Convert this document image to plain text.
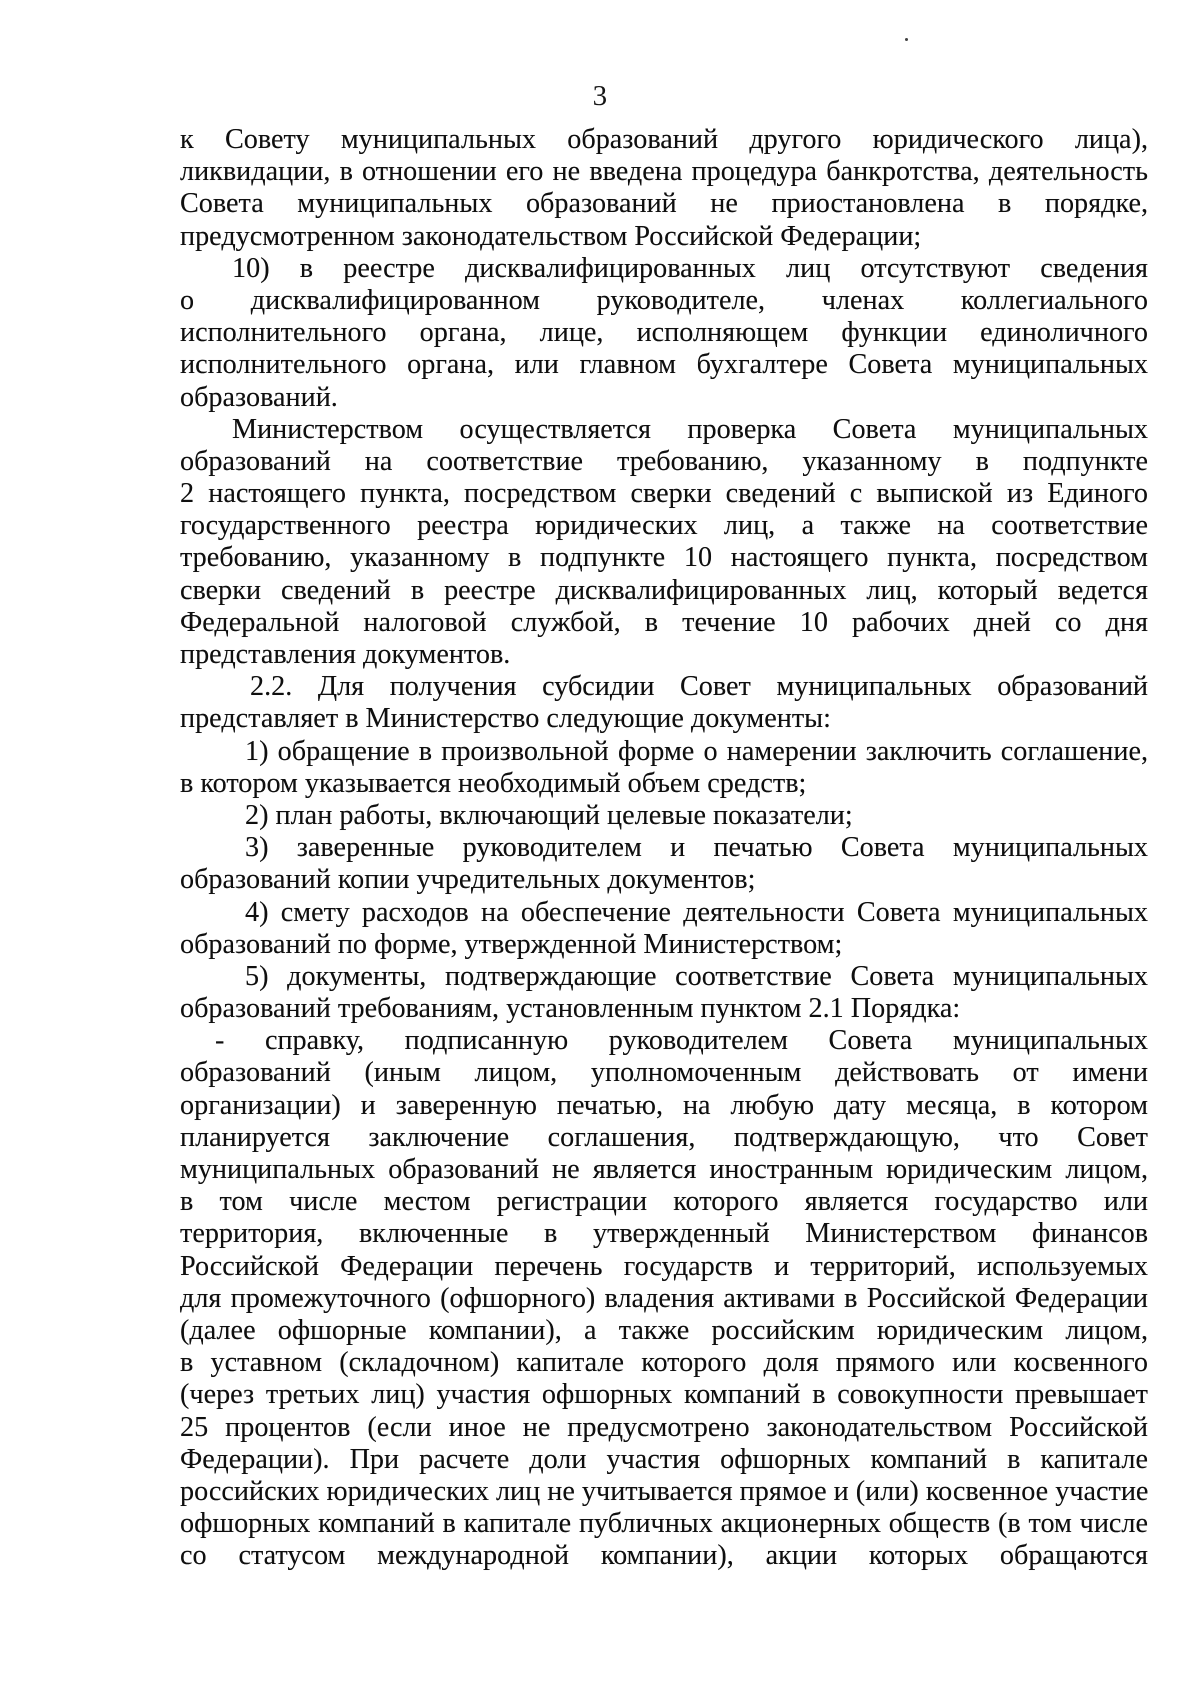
3
к Совету муниципальных образований другого юридического лица),
ликвидации, в отношении его не введена процедура банкротства, деятельность
Совета муниципальных образований не приостановлена в порядке,
предусмотренном законодательством Российской Федерации;
10) в реестре дисквалифицированных лиц отсутствуют сведения
о дисквалифицированном руководителе, членах коллегиального
исполнительного органа, лице, исполняющем функции единоличного
исполнительного органа, или главном бухгалтере Совета муниципальных
образований.
Министерством осуществляется проверка Совета муниципальных
образований на соответствие требованию, указанному в подпункте
2 настоящего пункта, посредством сверки сведений с выпиской из Единого
государственного реестра юридических лиц, а также на соответствие
требованию, указанному в подпункте 10 настоящего пункта, посредством
сверки сведений в реестре дисквалифицированных лиц, который ведется
Федеральной налоговой службой, в течение 10 рабочих дней со дня
представления документов.
2.2. Для получения субсидии Совет муниципальных образований
представляет в Министерство следующие документы:
1) обращение в произвольной форме о намерении заключить соглашение,
в котором указывается необходимый объем средств;
2) план работы, включающий целевые показатели;
3) заверенные руководителем и печатью Совета муниципальных
образований копии учредительных документов;
4) смету расходов на обеспечение деятельности Совета муниципальных
образований по форме, утвержденной Министерством;
5) документы, подтверждающие соответствие Совета муниципальных
образований требованиям, установленным пунктом 2.1 Порядка:
- справку, подписанную руководителем Совета муниципальных
образований (иным лицом, уполномоченным действовать от имени
организации) и заверенную печатью, на любую дату месяца, в котором
планируется заключение соглашения, подтверждающую, что Совет
муниципальных образований не является иностранным юридическим лицом,
в том числе местом регистрации которого является государство или
территория, включенные в утвержденный Министерством финансов
Российской Федерации перечень государств и территорий, используемых
для промежуточного (офшорного) владения активами в Российской Федерации
(далее офшорные компании), а также российским юридическим лицом,
в уставном (складочном) капитале которого доля прямого или косвенного
(через третьих лиц) участия офшорных компаний в совокупности превышает
25 процентов (если иное не предусмотрено законодательством Российской
Федерации). При расчете доли участия офшорных компаний в капитале
российских юридических лиц не учитывается прямое и (или) косвенное участие
офшорных компаний в капитале публичных акционерных обществ (в том числе
со статусом международной компании), акции которых обращаются
